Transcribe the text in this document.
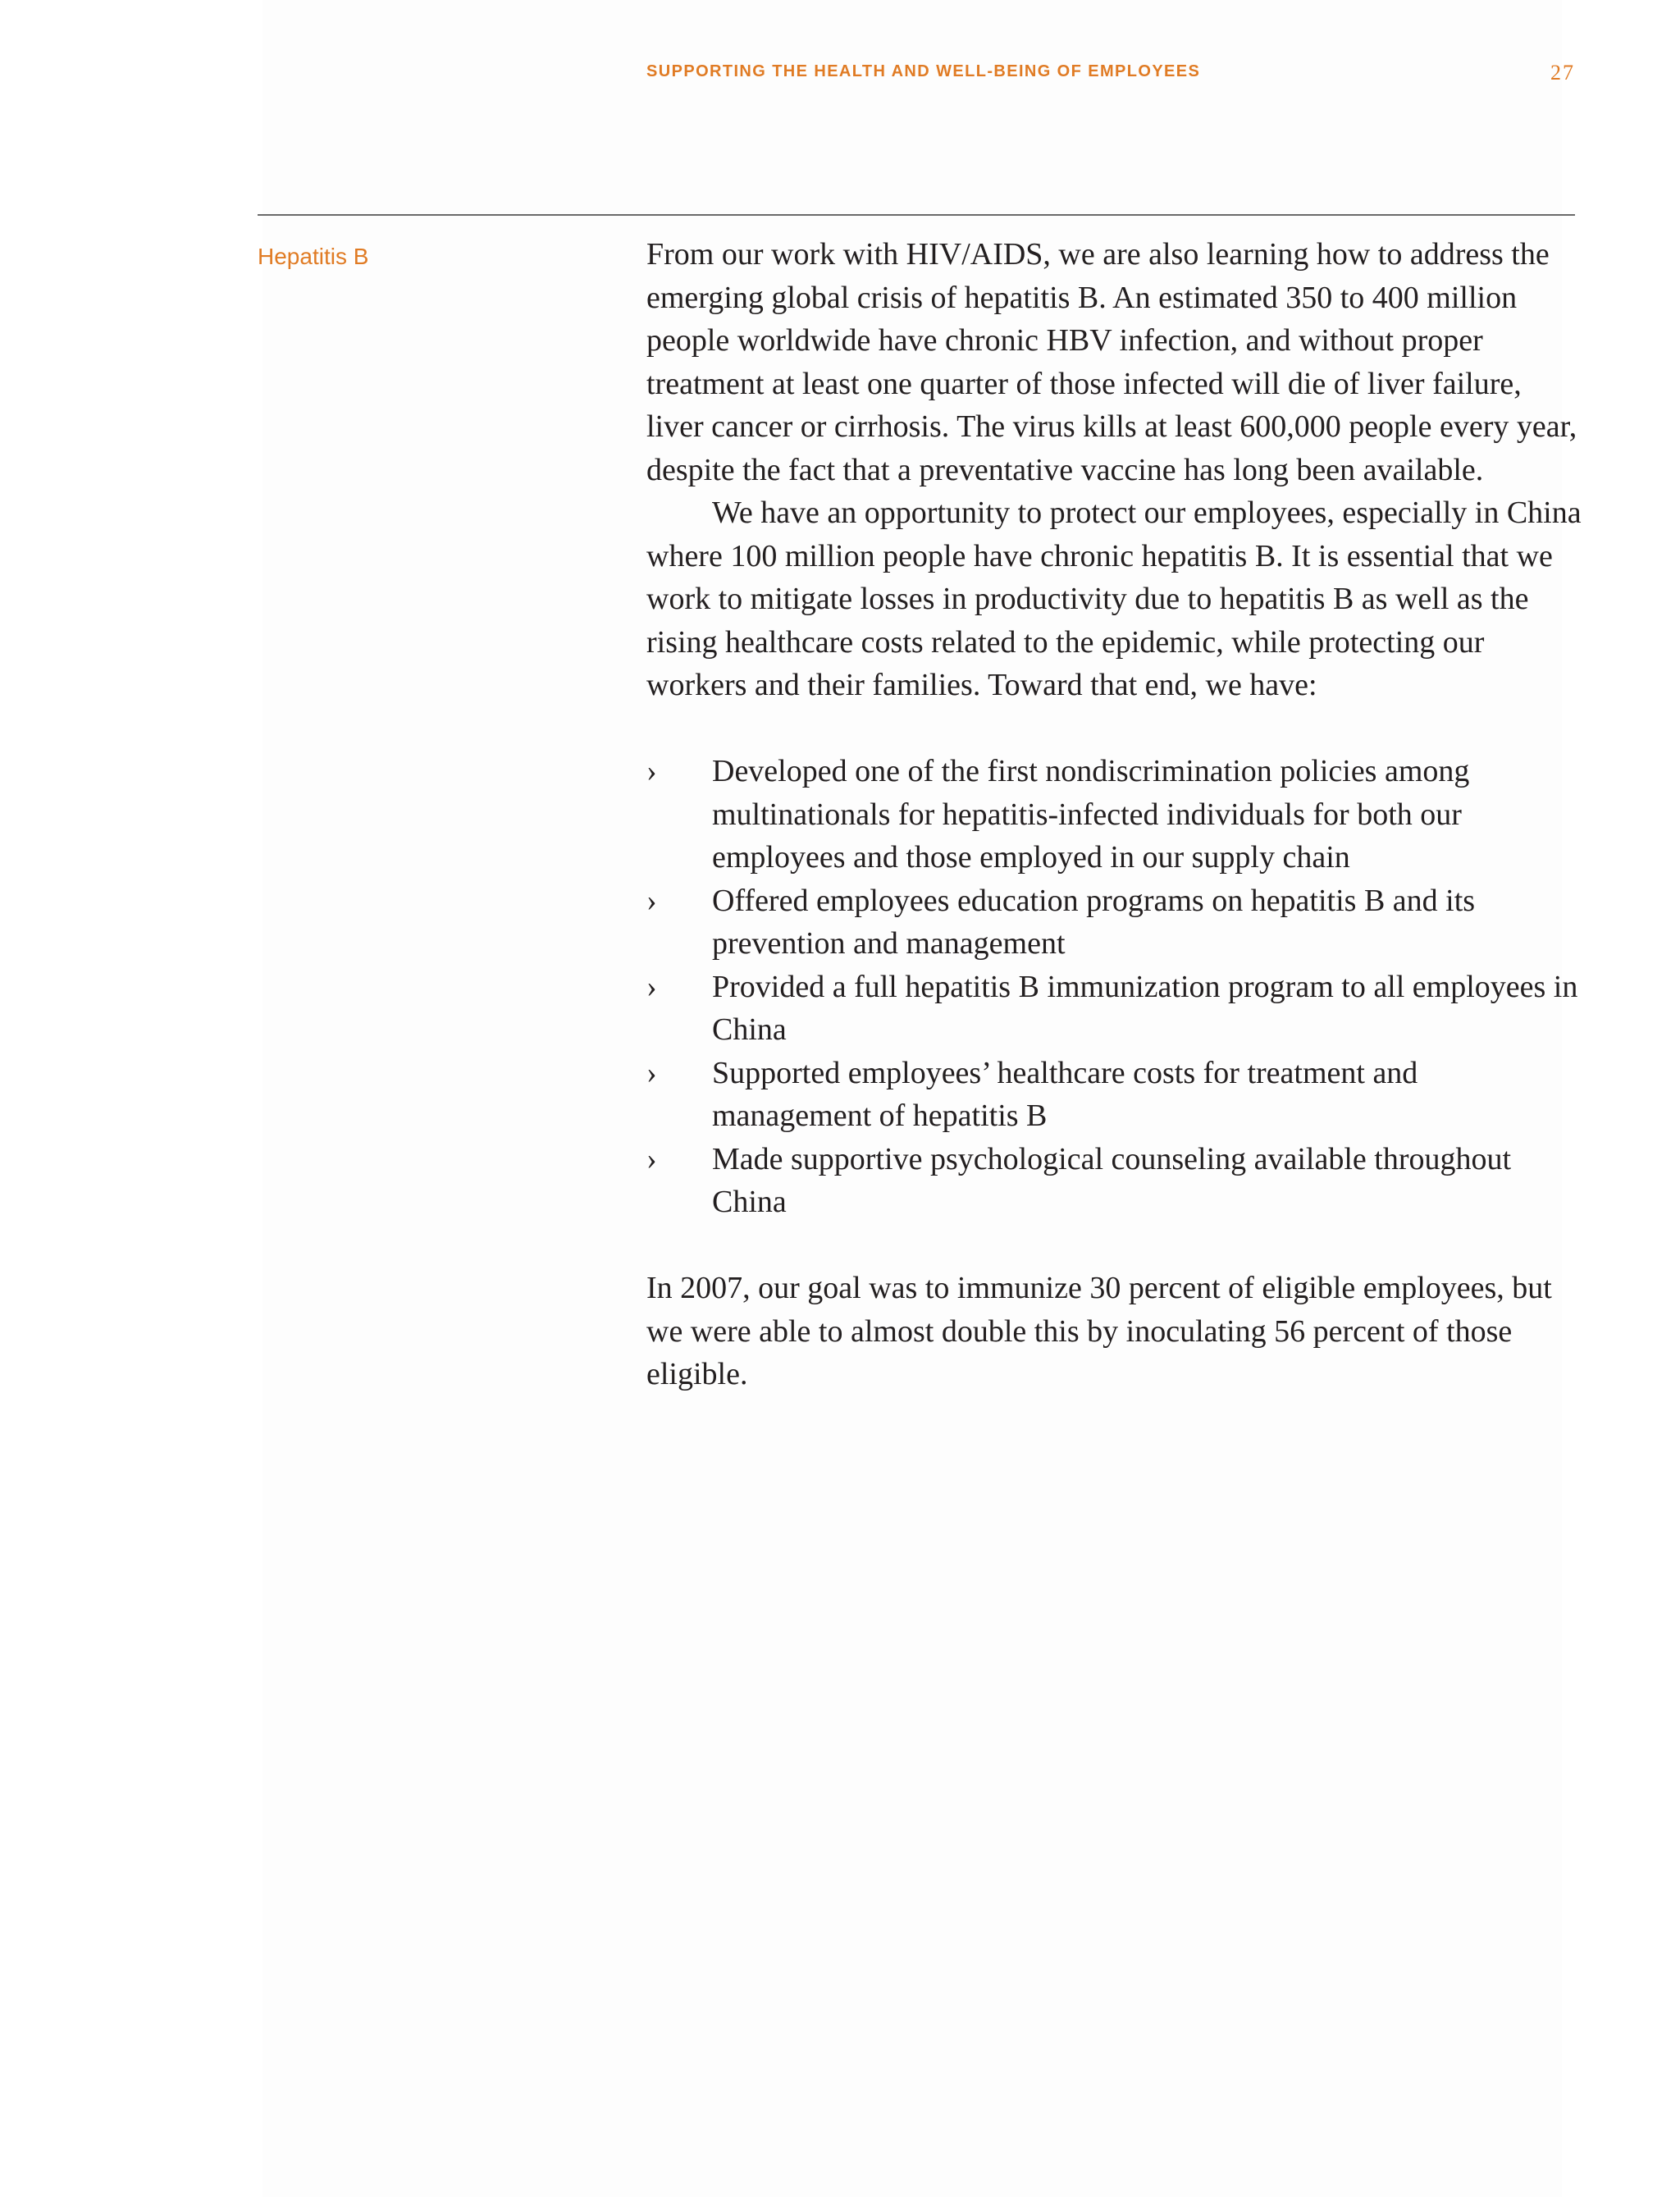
SUPPORTING THE HEALTH AND WELL-BEING OF EMPLOYEES	27
Hepatitis B	From our work with HIV/AIDS, we are also learning how to address the emerging global crisis of hepatitis B. An estimated 350 to 400 million people worldwide have chronic HBV infection, and without proper treatment at least one quarter of those infected will die of liver failure, liver cancer or cirrhosis. The virus kills at least 600,000 people every year, despite the fact that a preventative vaccine has long been available.

We have an opportunity to protect our employees, especially in China where 100 million people have chronic hepatitis B. It is essential that we work to mitigate losses in productivity due to hepatitis B as well as the rising healthcare costs related to the epidemic, while protecting our workers and their families. Toward that end, we have:

› Developed one of the first nondiscrimination policies among multinationals for hepatitis-infected individuals for both our employees and those employed in our supply chain
› Offered employees education programs on hepatitis B and its prevention and management
› Provided a full hepatitis B immunization program to all employees in China
› Supported employees’ healthcare costs for treatment and management of hepatitis B
› Made supportive psychological counseling available throughout China

In 2007, our goal was to immunize 30 percent of eligible employees, but we were able to almost double this by inoculating 56 percent of those eligible.
